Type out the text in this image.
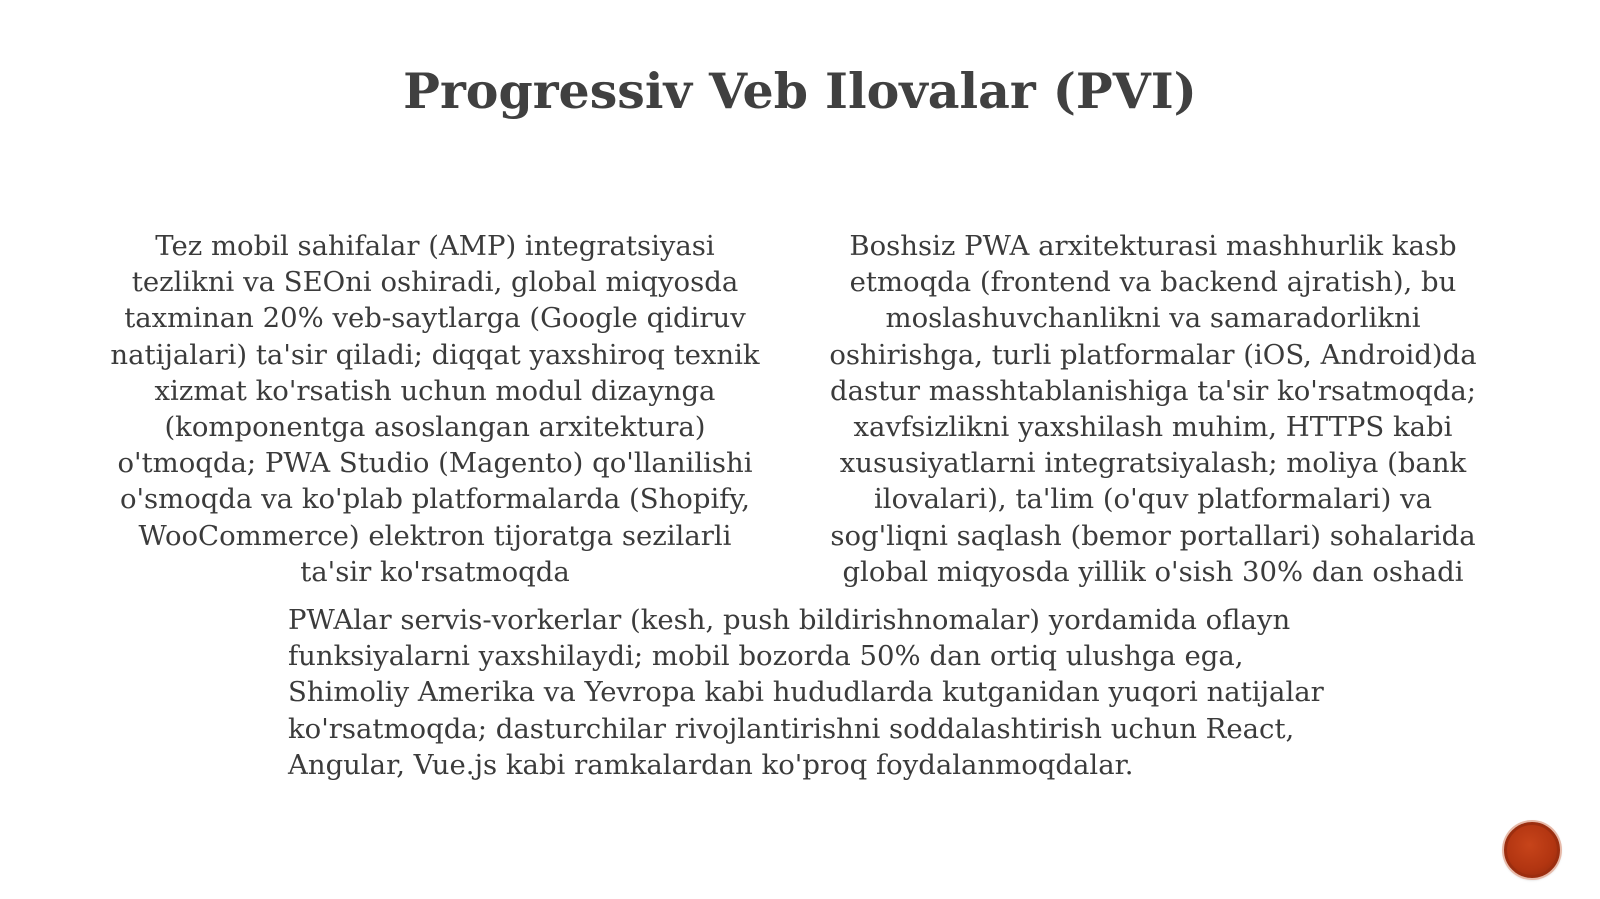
Progressiv Veb Ilovalar (PVI)

Tez mobil sahifalar (AMP) integratsiyasi tezlikni va SEOni oshiradi, global miqyosda taxminan 20% veb-saytlarga (Google qidiruv natijalari) ta'sir qiladi; diqqat yaxshiroq texnik xizmat ko'rsatish uchun modul dizaynga (komponentga asoslangan arxitektura) o'tmoqda; PWA Studio (Magento) qo'llanilishi o'smoqda va ko'plab platformalarda (Shopify, WooCommerce) elektron tijoratga sezilarli ta'sir ko'rsatmoqda

Boshsiz PWA arxitekturasi mashhurlik kasb etmoqda (frontend va backend ajratish), bu moslashuvchanlikni va samaradorlikni oshirishga, turli platformalar (iOS, Android)da dastur masshtablanishiga ta'sir ko'rsatmoqda; xavfsizlikni yaxshilash muhim, HTTPS kabi xususiyatlarni integratsiyalash; moliya (bank ilovalari), ta'lim (o'quv platformalari) va sog'liqni saqlash (bemor portallari) sohalarida global miqyosda yillik o'sish 30% dan oshadi

PWAlar servis-vorkerlar (kesh, push bildirishnomalar) yordamida oflayn funksiyalarni yaxshilaydi; mobil bozorda 50% dan ortiq ulushga ega, Shimoliy Amerika va Yevropa kabi hududlarda kutganidan yuqori natijalar ko'rsatmoqda; dasturchilar rivojlantirishni soddalashtirish uchun React, Angular, Vue.js kabi ramkalardan ko'proq foydalanmoqdalar.
